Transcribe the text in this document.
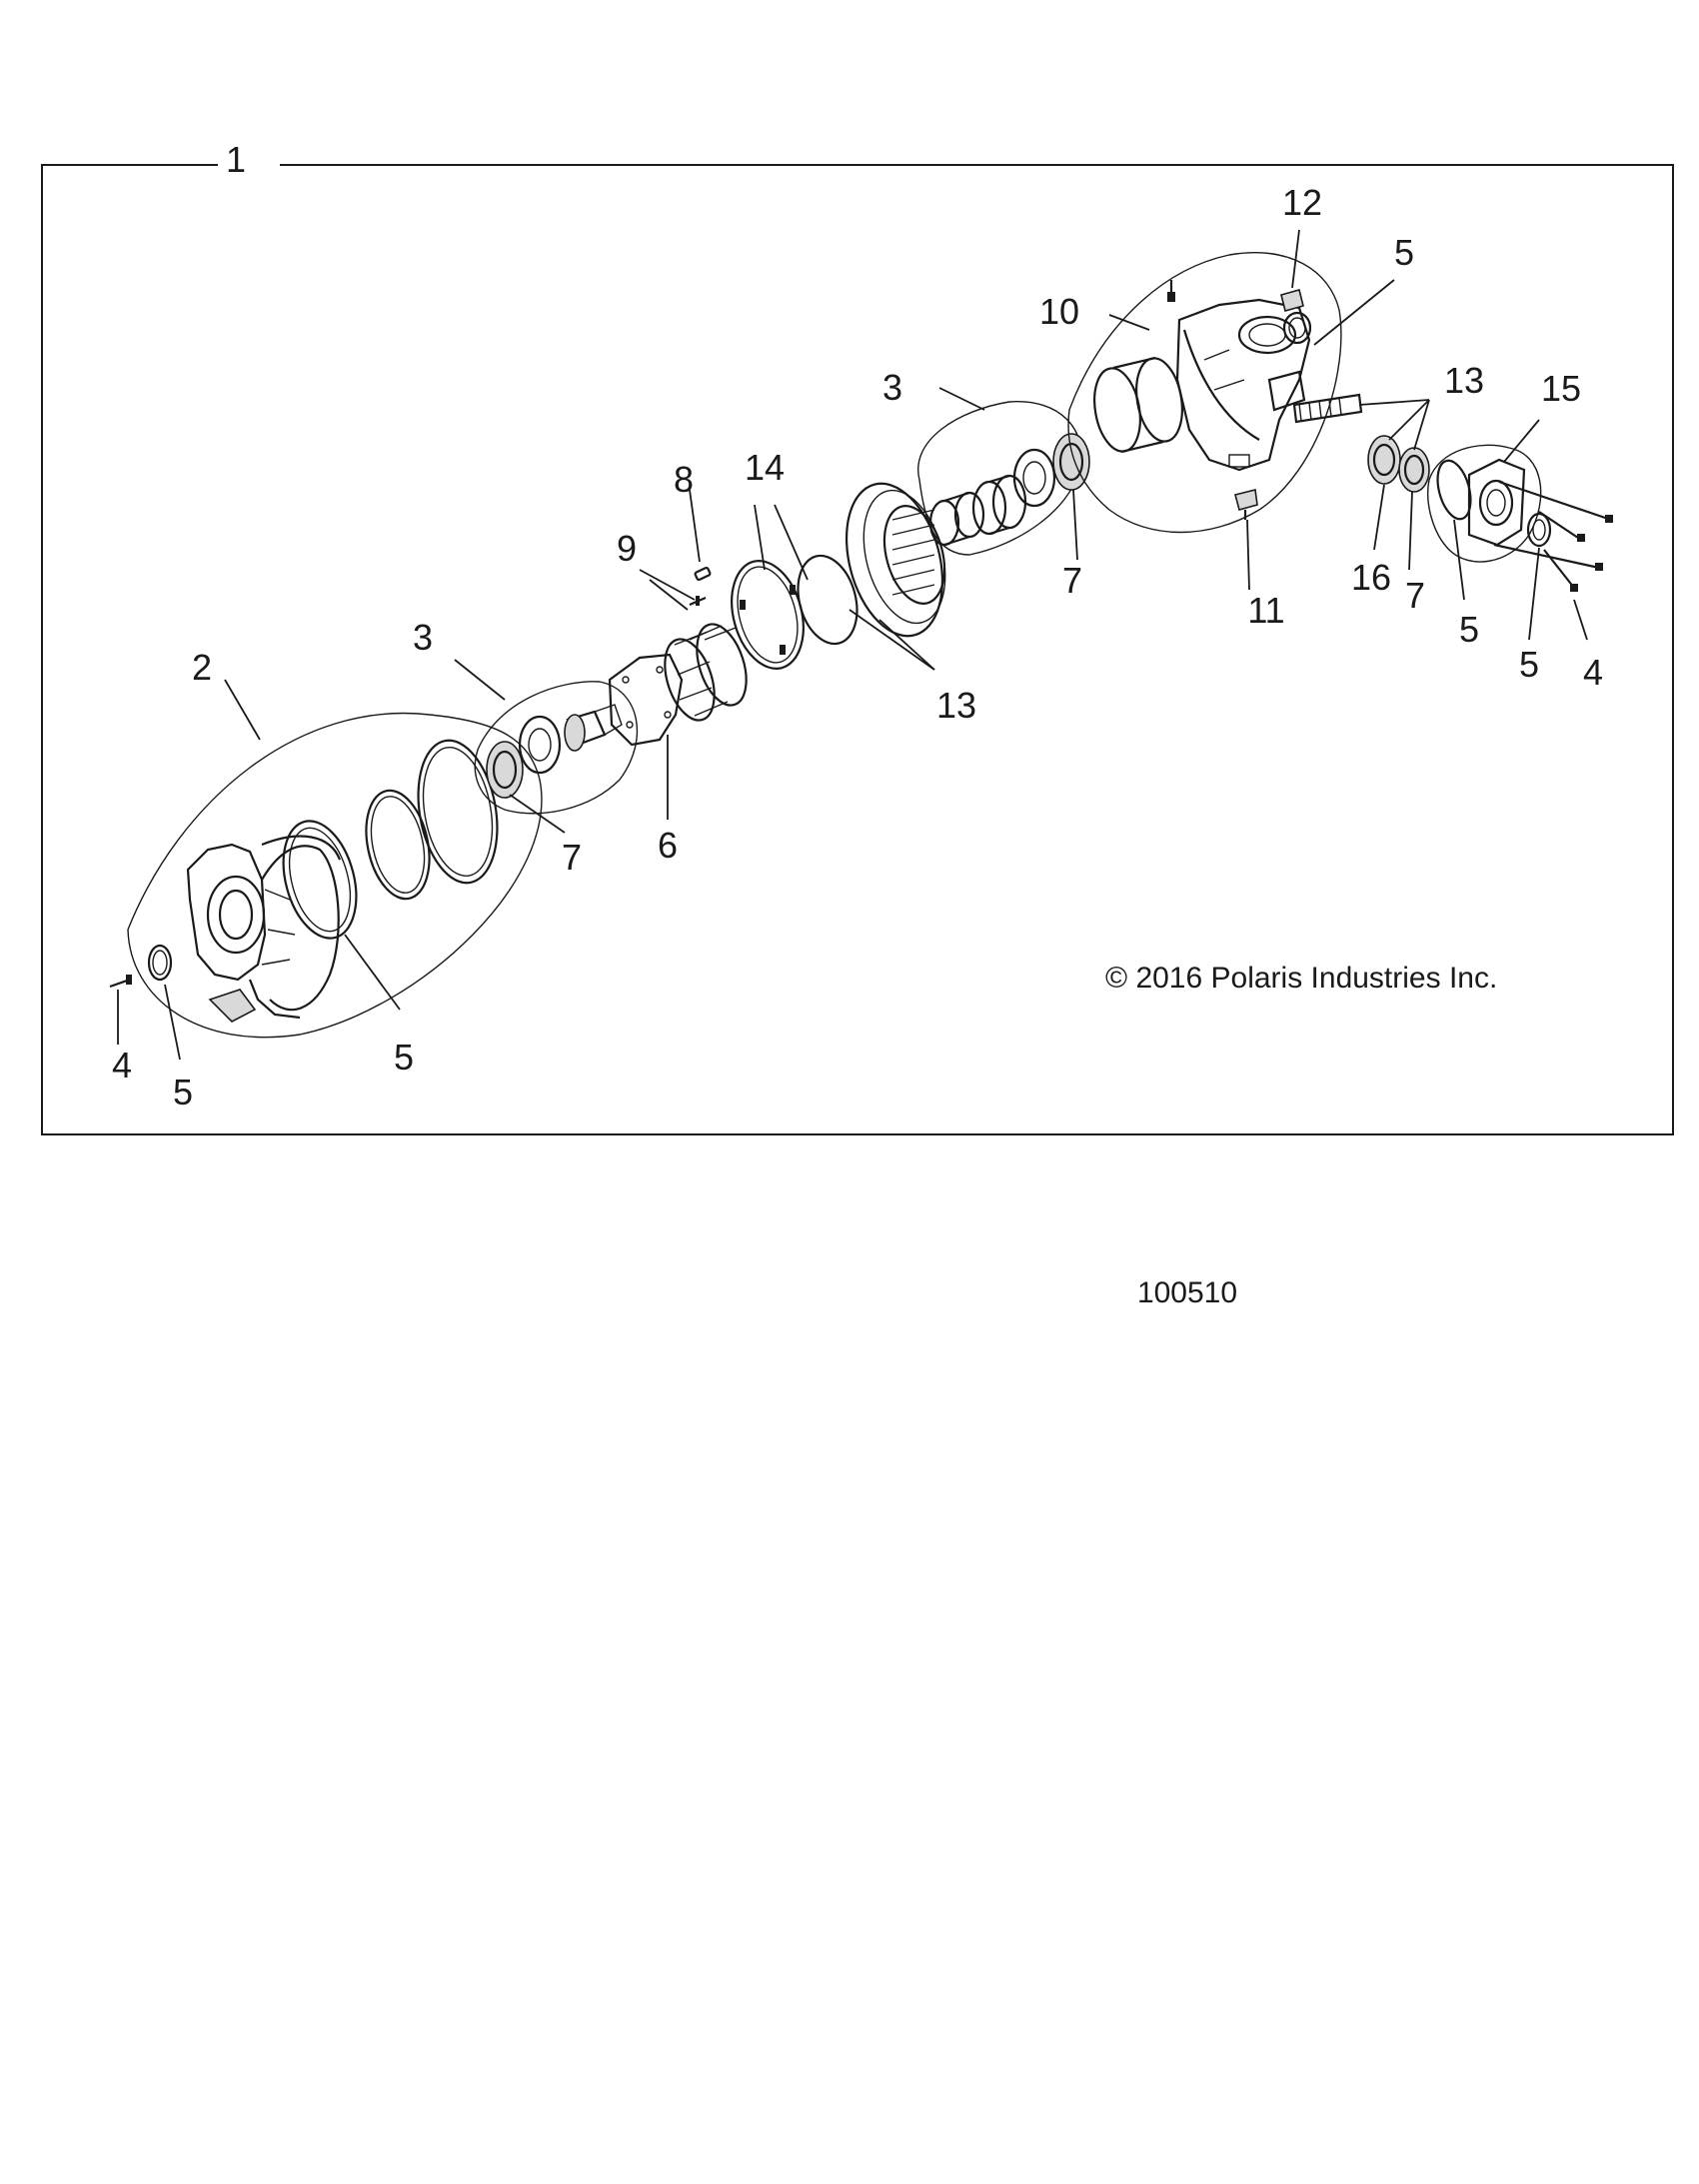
1
2
3
3
4
4
5
5
5
5
5
6
7
7	7
8
9
10
11
12
13
13
14
15
16
© 2016 Polaris Industries Inc.
100510
